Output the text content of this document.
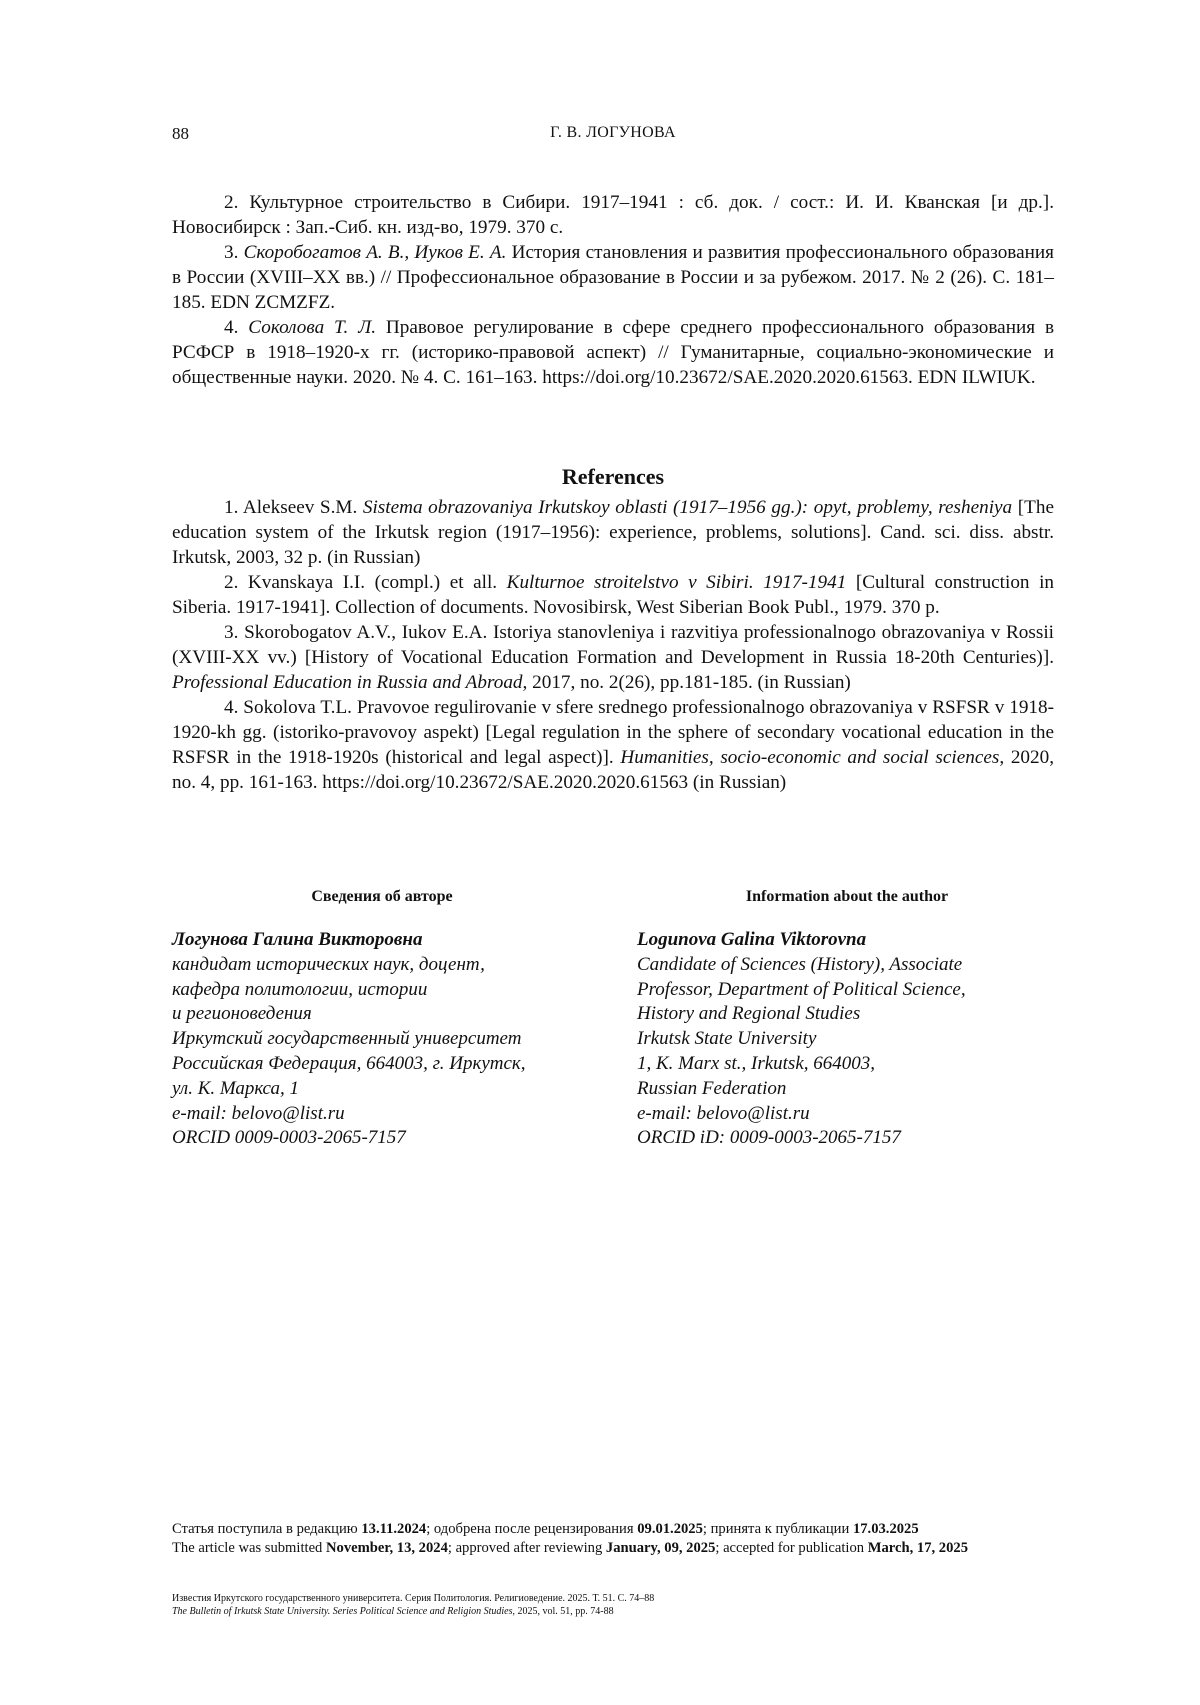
88	Г. В. ЛОГУНОВА

2. Культурное строительство в Сибири. 1917–1941 : сб. док. / сост.: И. И. Кванская [и др.]. Новосибирск : Зап.-Сиб. кн. изд-во, 1979. 370 с.

3. Скоробогатов А. В., Иуков Е. А. История становления и развития профессионального образования в России (XVIII–XX вв.) // Профессиональное образование в России и за рубежом. 2017. № 2 (26). С. 181–185. EDN ZCMZFZ.

4. Соколова Т. Л. Правовое регулирование в сфере среднего профессионального образования в РСФСР в 1918–1920-х гг. (историко-правовой аспект) // Гуманитарные, социально-экономические и общественные науки. 2020. № 4. С. 161–163. https://doi.org/10.23672/SAE.2020.2020.61563. EDN ILWIUK.

References

1. Alekseev S.M. Sistema obrazovaniya Irkutskoy oblasti (1917–1956 gg.): opyt, problemy, resheniya [The education system of the Irkutsk region (1917–1956): experience, problems, solutions]. Cand. sci. diss. abstr. Irkutsk, 2003, 32 p. (in Russian)

2. Kvanskaya I.I. (compl.) et all. Kulturnoe stroitelstvo v Sibiri. 1917-1941 [Cultural construction in Siberia. 1917-1941]. Collection of documents. Novosibirsk, West Siberian Book Publ., 1979. 370 p.

3. Skorobogatov A.V., Iukov E.A. Istoriya stanovleniya i razvitiya professionalnogo obrazovaniya v Rossii (XVIII-XX vv.) [History of Vocational Education Formation and Development in Russia 18-20th Centuries)]. Professional Education in Russia and Abroad, 2017, no. 2(26), pp.181-185. (in Russian)

4. Sokolova T.L. Pravovoe regulirovanie v sfere srednego professionalnogo obrazovaniya v RSFSR v 1918-1920-kh gg. (istoriko-pravovoy aspekt) [Legal regulation in the sphere of secondary vocational education in the RSFSR in the 1918-1920s (historical and legal aspect)]. Humanities, socio-economic and social sciences, 2020, no. 4, pp. 161-163. https://doi.org/10.23672/SAE.2020.2020.61563 (in Russian)

Сведения об авторе
Логунова Галина Викторовна
кандидат исторических наук, доцент,
кафедра политологии, истории
и регионоведения
Иркутский государственный университет
Российская Федерация, 664003, г. Иркутск,
ул. К. Маркса, 1
e-mail: belovo@list.ru
ORCID 0009-0003-2065-7157
Information about the author
Logunova Galina Viktorovna
Candidate of Sciences (History), Associate
Professor, Department of Political Science,
History and Regional Studies
Irkutsk State University
1, K. Marx st., Irkutsk, 664003,
Russian Federation
e-mail: belovo@list.ru
ORCID iD: 0009-0003-2065-7157

Статья поступила в редакцию 13.11.2024; одобрена после рецензирования 09.01.2025; принята к публикации 17.03.2025

The article was submitted November, 13, 2024; approved after reviewing January, 09, 2025; accepted for publication March, 17, 2025

Известия Иркутского государственного университета. Серия Политология. Религиоведение. 2025. Т. 51. С. 74–88

The Bulletin of Irkutsk State University. Series Political Science and Religion Studies, 2025, vol. 51, pp. 74-88
